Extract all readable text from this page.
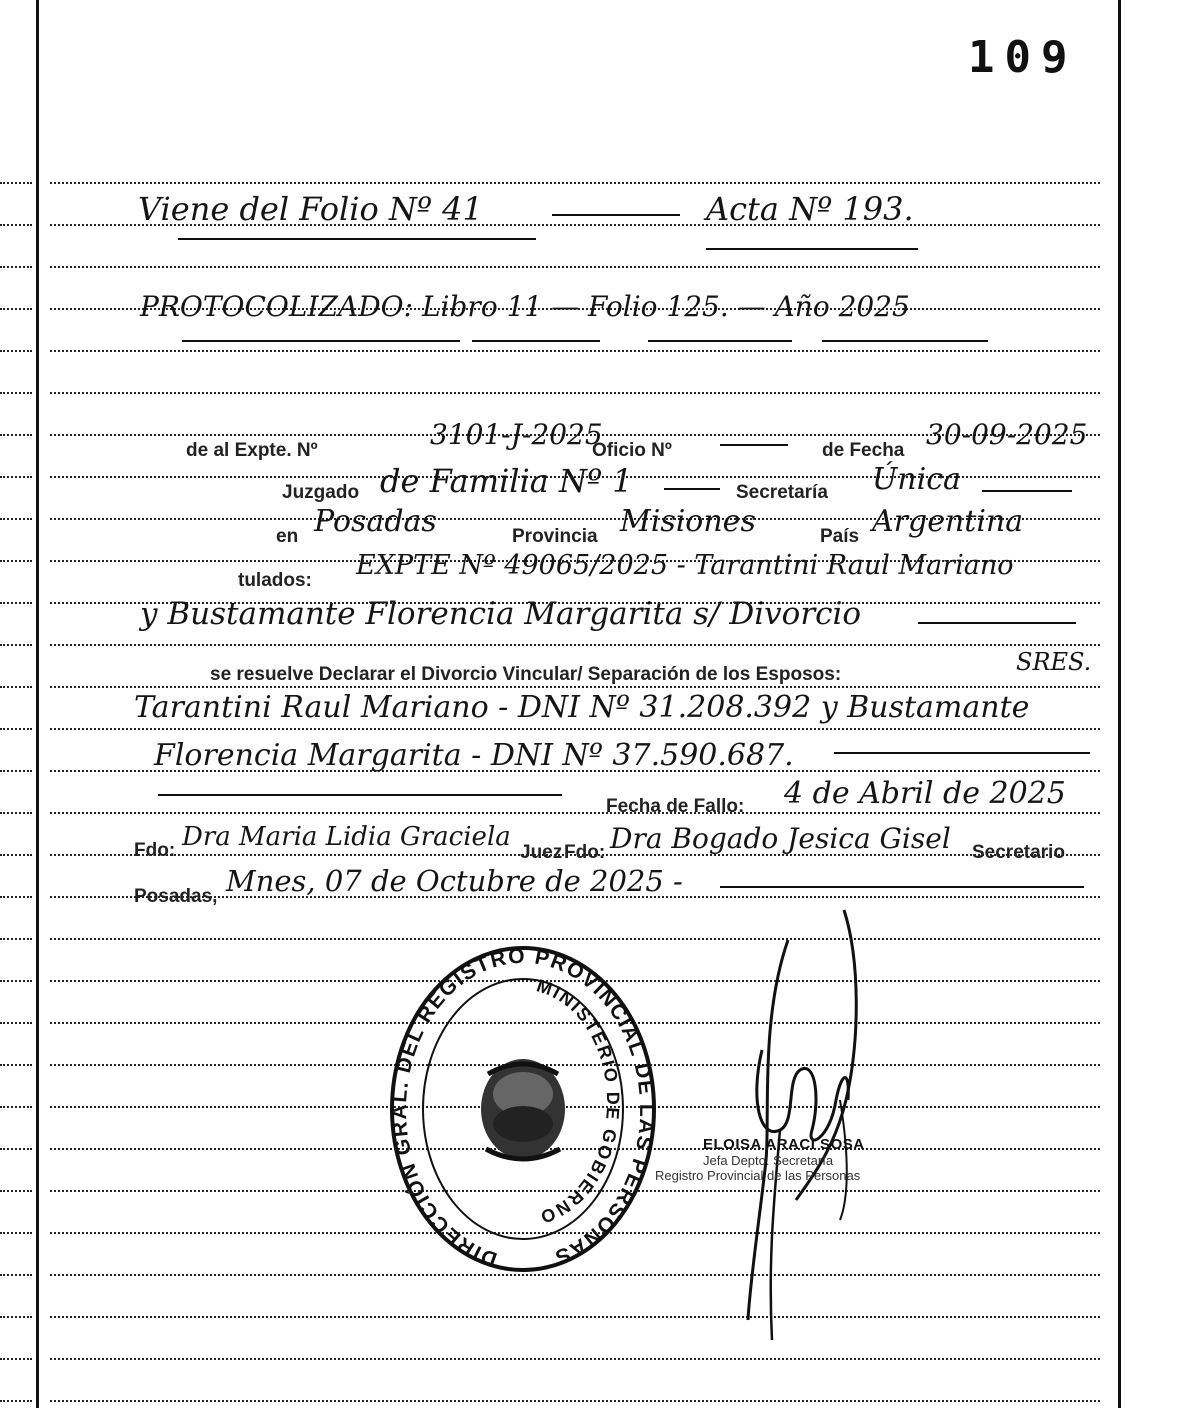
109
Viene del Folio Nº 41	Acta Nº 193.
PROTOCOLIZADO: Libro 11 — Folio 125. — Año 2025
de al Expte. Nº	3101-J-2025
Oficio Nº	de Fecha 30-09-2025
Juzgado de Familia Nº 1	Secretaría Única
en Posadas	Provincia Misiones	País Argentina
tulados: EXPTE Nº 49065/2025 - Tarantini Raul Mariano
y Bustamante Florencia Margarita s/ Divorcio
se resuelve Declarar el Divorcio Vincular/ Separación de los Esposos:	SRES.
Tarantini Raul Mariano - DNI Nº 31.208.392 y Bustamante
Florencia Margarita - DNI Nº 37.590.687.
Fecha de Fallo: 4 de Abril de 2025
Fdo: Dra Maria Lidia Graciela
Juez Fdo: Dra Bogado Jesica Gisel Secretario
Posadas, Mnes, 07 de Octubre de 2025 -
DIRECCIÓN GRAL. DEL REGISTRO PROVINCIAL DE LAS PERSONAS
MINISTERIO DE GOBIERNO
ELOISA ARACI SOSA
Jefa Depto. Secretaría
Registro Provincial de las Personas
